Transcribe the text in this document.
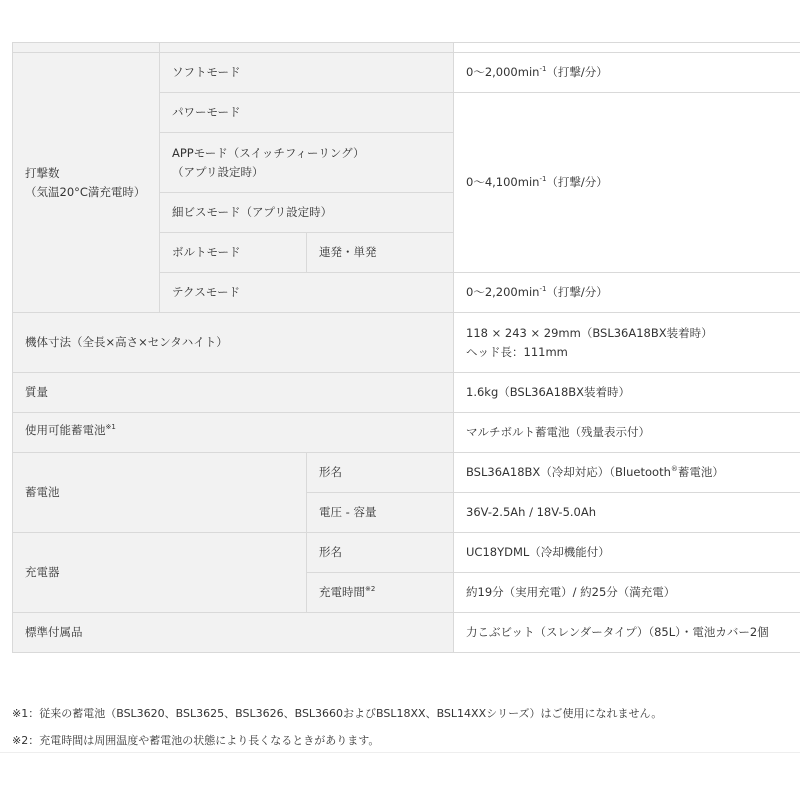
打撃数
（気温20°C満充電時）	ソフトモード		$0\sim 2,000\min^{-1}$（打撃/分）
	パワーモード		$0\sim 4,100\min^{-1}$（打撃/分）
	APPモード（スイッチフィーリング）
（アプリ設定時）		
	細ビスモード（アプリ設定時）		
	ボルトモード	連発・単発	
	テクスモード		$0\sim 2,200\min^{-1}$（打撃/分）
機体寸法（全長×高さ×センタハイト）			118 × 243 × 29mm（BSL36A18BX装着時）
ヘッド長：111mm
質量			1.6kg（BSL36A18BX装着時）
使用可能蓄電池$^{※1}$			マルチボルト蓄電池（残量表示付）
蓄電池		形名	BSL36A18BX（冷却対応）（Bluetooth®蓄電池）
		電圧 - 容量	36V-2.5Ah / 18V-5.0Ah
充電器		形名	UC18YDML（冷却機能付）
		充電時間$^{※2}$	約19分（実用充電）/ 約25分（満充電）
標準付属品			力こぶビット（スレンダータイプ）（85L）・電池カバー2個
※1：従来の蓄電池（BSL3620、BSL3625、BSL3626、BSL3660およびBSL18XX、BSL14XXシリーズ）はご使用になれません。
※2：充電時間は周囲温度や蓄電池の状態により長くなるときがあります。
